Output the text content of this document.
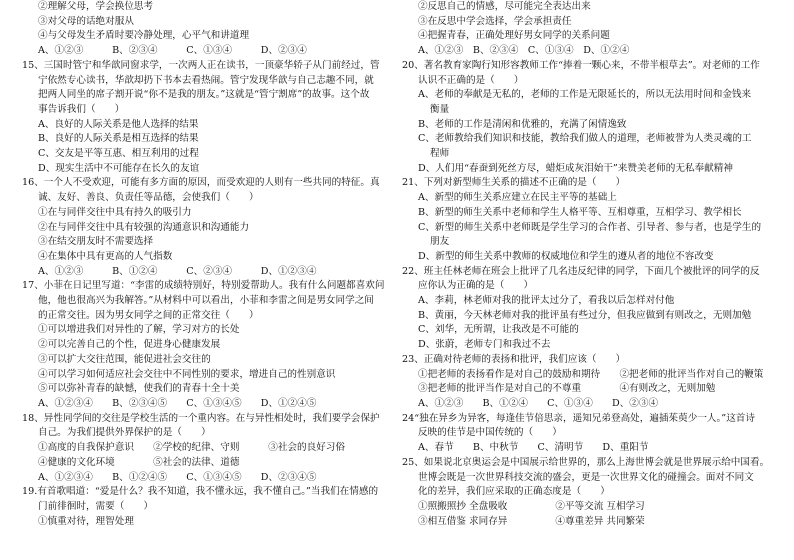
②理解父母，学会换位思考
③对父母的话绝对服从
④与父母发生矛盾时要冷静处理，心平气和讲道理
A、①②③　　　B、②③④　　　C、①③④　　　D、②③④
15、三国时管宁和华歆同窗求学，一次两人正在读书，一顶豪华轿子从门前经过，管
宁依然专心读书，华歆却扔下书本去看热闹。管宁发现华歆与自己志趣不同，就
把两人同坐的席子割开说“你不是我的朋友。”这就是“管宁割席”的故事。这个故
事告诉我们（　　）
A、良好的人际关系是他人选择的结果
B、良好的人际关系是相互选择的结果
C、交友是平等互惠、相互利用的过程
D、现实生活中不可能存在长久的友谊
16、一个人不受欢迎，可能有多方面的原因，而受欢迎的人则有一些共同的特征。真
诚、友好、善良、负责任等品德，会使我们（　　）
①在与同伴交往中具有持久的吸引力
②在与同伴交往中具有较强的沟通意识和沟通能力
③在结交朋友时不需要选择
④在集体中具有更高的人气指数
A、①②③　　　B、①②④　　　C、②③④　　　D、①②③④
17、小菲在日记里写道：“李雷的成绩特别好，特别爱帮助人。我有什么问题都喜欢问
他，他也很高兴为我解答。”从材料中可以看出，小菲和李雷之间是男女同学之间
的正常交往。因为男女同学之间的正常交往（　　）
①可以增进我们对异性的了解，学习对方的长处
②可以完善自己的个性，促进身心健康发展
③可以扩大交往范围，能促进社会交往的
④可以学习如何适应社会交往中不同性别的要求，增进自己的性别意识
⑤可以弥补青春的缺憾，使我们的青春十全十美
A、①②③④　　B、②③④⑤　　C、①③④⑤　　D、①②④⑤
18、异性同学间的交往是学校生活的一个重内容。在与异性相处时，我们要学会保护
自己。为我们提供外界保护的是（　　）
①高度的自我保护意识　　②学校的纪律、守则　　　③社会的良好习俗
④健康的文化环境　　　　⑤社会的法律、道德
A、①②③④　　B、①②④⑤　　C、①③④⑤　　D、②③④⑤
19.有首歌唱道：“爱是什么？我不知道，我不懂永远，我不懂自己。”当我们在情感的
门前徘徊时，需要（　　）
①慎重对待，理智处理
②反思自己的情感，尽可能完全表达出来
③在反思中学会选择，学会承担责任
④把握青春，正确处理好男女同学的关系问题
A、①②③　B、②③④　C、①③④　D、①②④
20、著名教育家陶行知形容教师工作“捧着一颗心来，不带半根草去”。对老师的工作
认识不正确的是（　　）
A、老师的奉献是无私的，老师的工作是无限延长的，所以无法用时间和金钱来
衡量
B、老师的工作是清闲和优雅的，充满了闲情逸致
C、老师教给我们知识和技能，教给我们做人的道理，老师被誉为人类灵魂的工
程师
D、人们用“春蚕到死丝方尽，蜡炬成灰泪始干”来赞美老师的无私奉献精神
21、下列对新型师生关系的描述不正确的是（　　）
A、新型的师生关系应建立在民主平等的基础上
B、新型的师生关系中老师和学生人格平等、互相尊重，互相学习、教学相长
C、新型的师生关系中老师既是学生学习的合作者、引导者、参与者，也是学生的
朋友
D、新型的师生关系中教师的权威地位和学生的遵从者的地位不容改变
22、班主任林老师在班会上批评了几名违反纪律的同学，下面几个被批评的同学的反
应你认为正确的是（　　）
A、李莉，林老师对我的批评太过分了，看我以后怎样对付他
B、黄丽，今天林老师对我的批评虽有些过分，但我应做到有则改之，无则加勉
C、刘华，无所谓，让我改是不可能的
D、张蔚，老师专门和我过不去
23、正确对待老师的表扬和批评，我们应该（　　）
①把老师的表扬看作是对自己的鼓励和期待　　②把老师的批评当作对自己的鞭策
③把老师的批评当作是对自己的不尊重　　　　④有则改之，无则加勉
A、①②③　　B、①②④　　C、①③④　　D、②③④
24“独在异乡为异客，每逢佳节倍思亲，遥知兄弟登高处，遍插茱萸少一人。”这首诗
反映的佳节是中国传统的（　　）
A、春节　　B、中秋节　　C、清明节　　D、重阳节
25、如果说北京奥运会是中国展示给世界的，那么上海世博会就是世界展示给中国看。
世博会既是一次世界科技交流的盛会，更是一次世界文化的碰撞会。面对不同文
化的差异，我们应采取的正确态度是（　　）
①照搬照抄 全盘吸收　　　　　②平等交流 互相学习
③相互借鉴 求同存异　　　　　④尊重差异 共同繁荣
